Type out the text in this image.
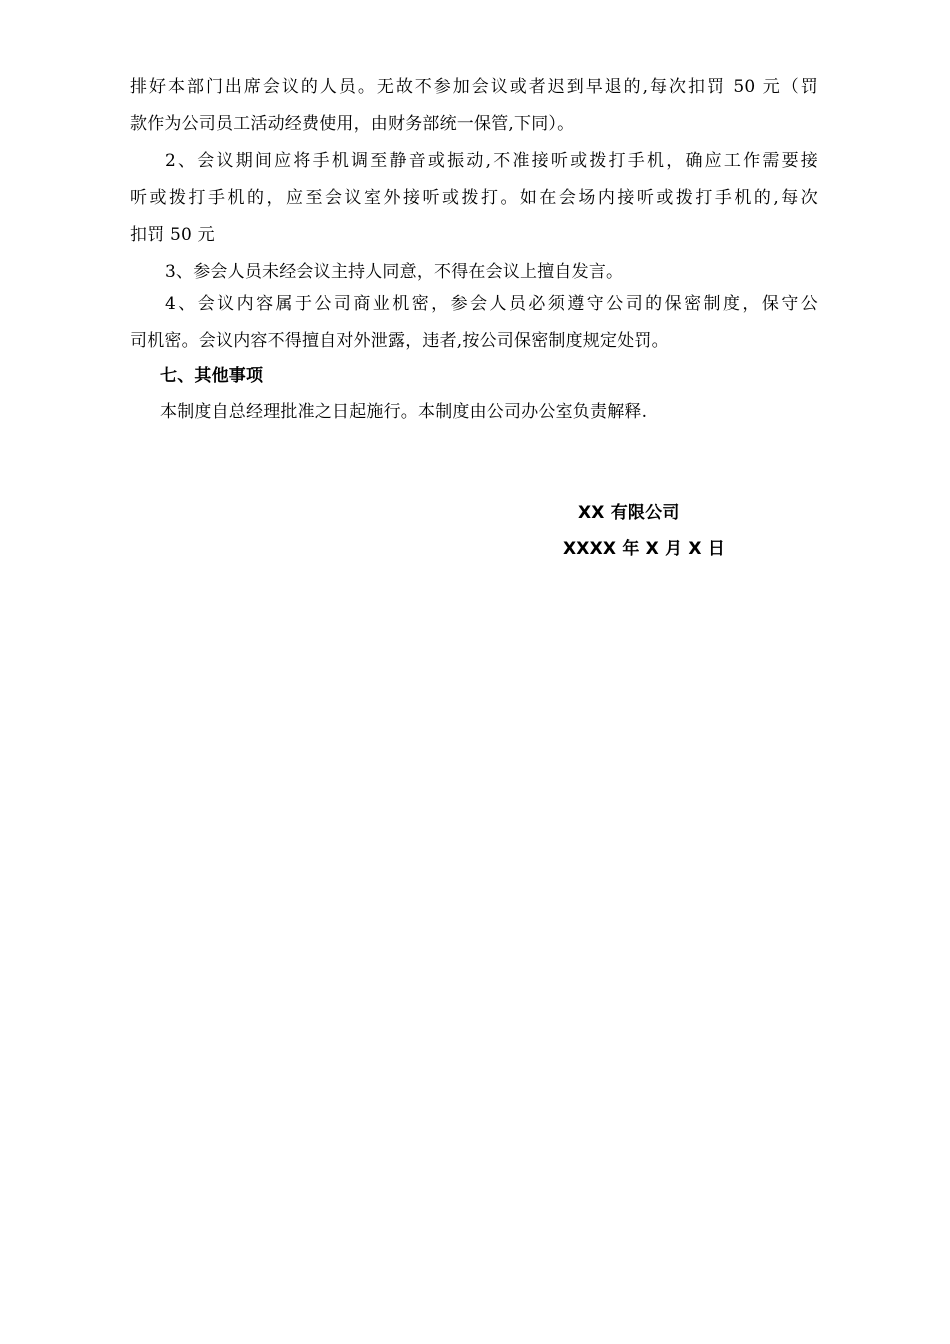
排好本部门出席会议的人员。无故不参加会议或者迟到早退的,每次扣罚 50 元（罚
款作为公司员工活动经费使用，由财务部统一保管,下同）。
2、会议期间应将手机调至静音或振动,不准接听或拨打手机，确应工作需要接
听或拨打手机的，应至会议室外接听或拨打。如在会场内接听或拨打手机的,每次
扣罚 50 元
3、参会人员未经会议主持人同意，不得在会议上擅自发言。
4、会议内容属于公司商业机密，参会人员必须遵守公司的保密制度，保守公
司机密。会议内容不得擅自对外泄露，违者,按公司保密制度规定处罚。
七、其他事项
本制度自总经理批准之日起施行。本制度由公司办公室负责解释.
XX 有限公司
XXXX 年 X 月 X 日
